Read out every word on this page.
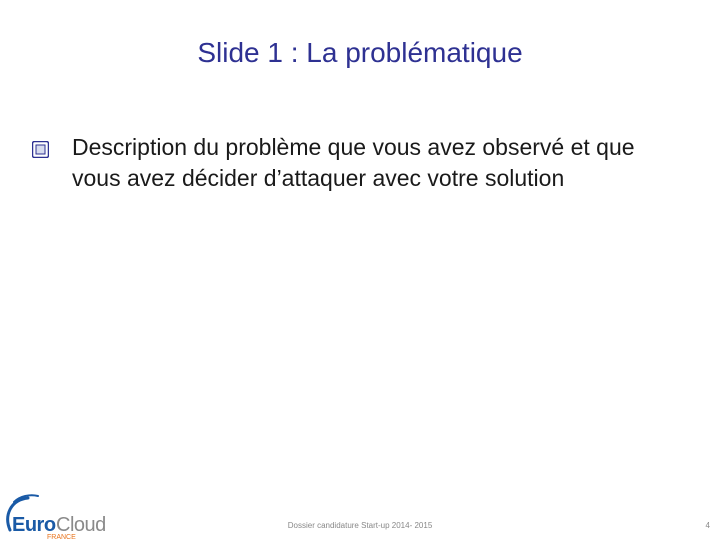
Slide 1 : La problématique
Description du problème que vous avez observé et que vous avez décider d’attaquer avec votre solution
Euro Cloud
FRANCE
Dossier candidature Start-up 2014- 2015	4
